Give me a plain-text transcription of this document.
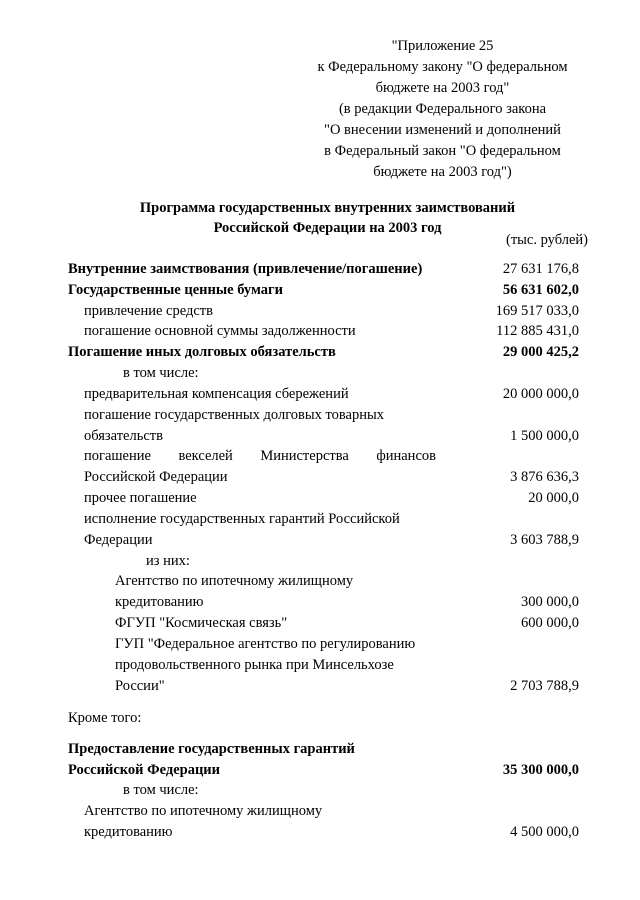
"Приложение 25
к Федеральному закону "О федеральном
бюджете на 2003 год"
(в редакции Федерального закона
"О внесении изменений и дополнений
в Федеральный закон "О федеральном
бюджете на 2003 год")
Программа государственных внутренних заимствований
Российской Федерации на 2003 год
(тыс. рублей)
Внутренние заимствования (привлечение/погашение)	27 631 176,8
Государственные ценные бумаги	56 631 602,0
привлечение средств	169 517 033,0
погашение основной суммы задолженности	112 885 431,0
Погашение иных долговых обязательств	29 000 425,2
в том числе:
предварительная компенсация сбережений	20 000 000,0
погашение государственных долговых товарных
обязательств	1 500 000,0
погашение векселей Министерства финансов
Российской Федерации	3 876 636,3
прочее погашение	20 000,0
исполнение государственных гарантий Российской
Федерации	3 603 788,9
из них:
Агентство по ипотечному жилищному
кредитованию	300 000,0
ФГУП "Космическая связь"	600 000,0
ГУП "Федеральное агентство по регулированию
продовольственного рынка при Минсельхозе
России"	2 703 788,9
Кроме того:
Предоставление государственных гарантий
Российской Федерации	35 300 000,0
в том числе:
Агентство по ипотечному жилищному
кредитованию	4 500 000,0
